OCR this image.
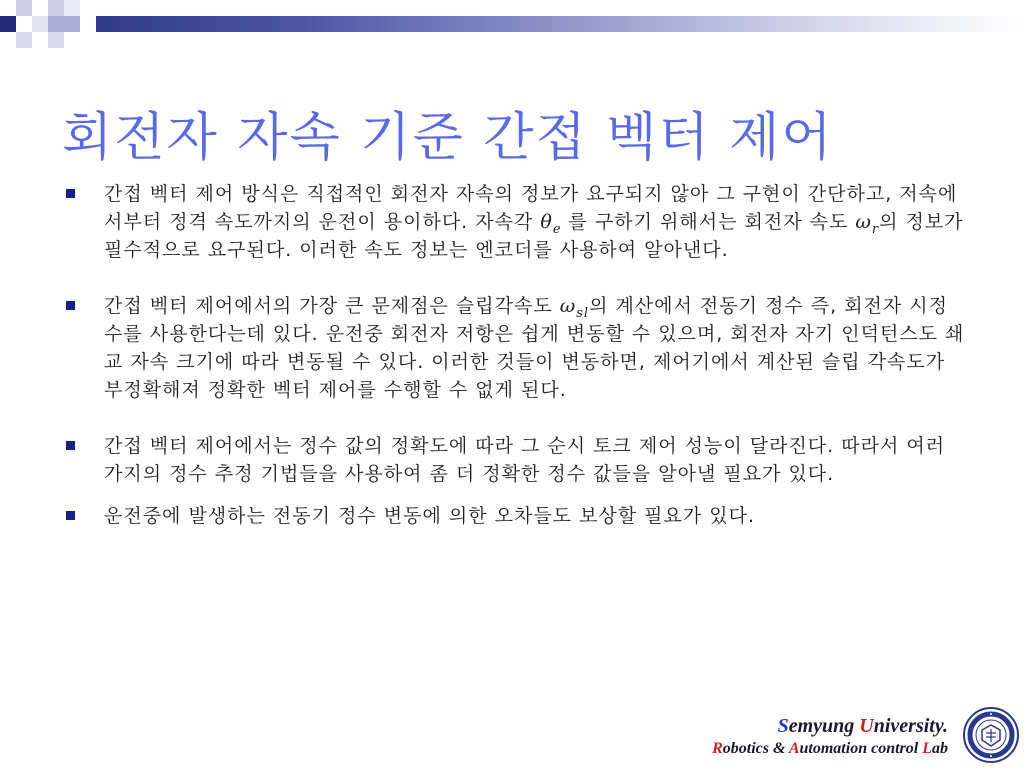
회전자 자속 기준 간접 벡터 제어
간접 벡터 제어 방식은 직접적인 회전자 자속의 정보가 요구되지 않아 그 구현이 간단하고, 저속에서부터 정격 속도까지의 운전이 용이하다. 자속각 $\theta_e$ 를 구하기 위해서는 회전자 속도 $\omega_r$의 정보가 필수적으로 요구된다. 이러한 속도 정보는 엔코더를 사용하여 알아낸다.
간접 벡터 제어에서의 가장 큰 문제점은 슬립각속도 $\omega_{sl}$의 계산에서 전동기 정수 즉, 회전자 시정수를 사용한다는데 있다. 운전중 회전자 저항은 쉽게 변동할 수 있으며, 회전자 자기 인덕턴스도 쇄교 자속 크기에 따라 변동될 수 있다. 이러한 것들이 변동하면, 제어기에서 계산된 슬립 각속도가 부정확해져 정확한 벡터 제어를 수행할 수 없게 된다.
간접 벡터 제어에서는 정수 값의 정확도에 따라 그 순시 토크 제어 성능이 달라진다. 따라서 여러 가지의 정수 추정 기법들을 사용하여 좀 더 정확한 정수 값들을 알아낼 필요가 있다.
운전중에 발생하는 전동기 정수 변동에 의한 오차들도 보상할 필요가 있다.
Semyung University.
Robotics & Automation control Lab
